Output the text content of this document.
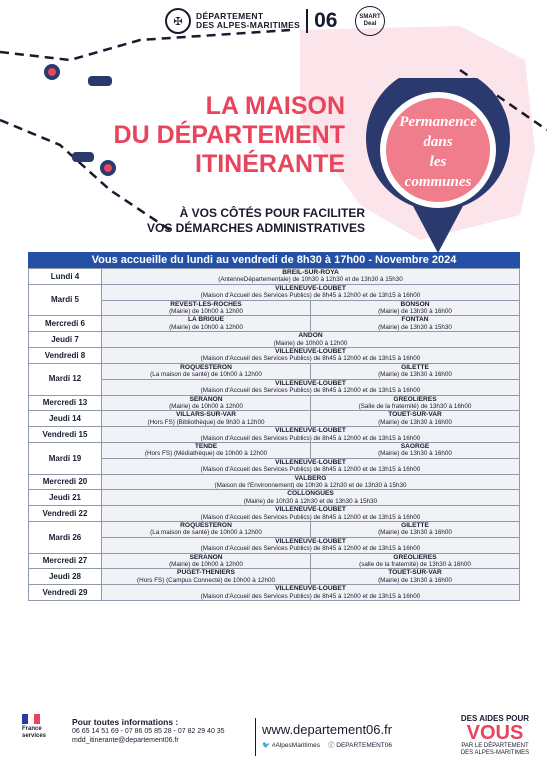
✠	DÉPARTEMENT
DES ALPES-MARITIMES 06	SMART
Deal
LA MAISON
DU DÉPARTEMENT
ITINÉRANTE
À VOS CÔTÉS POUR FACILITER
VOS DÉMARCHES ADMINISTRATIVES
Permanence
dans
les
communes
Vous accueille du lundi au vendredi de 8h30 à 17h00 - Novembre 2024
Lundi 4	BREIL-SUR-ROYA
(AntenneDépartementale) de 10h30 à 12h30 et de 13h30 à 15h30	
Mardi 5	VILLENEUVE-LOUBET
(Maison d'Accueil des Services Publics) de 8h45 à 12h00 et de 13h15 à 16h00	

	REVEST-LES-ROCHES
(Mairie) de 10h00 à 12h00	BONSON
(Mairie) de 13h30 à 16h00
Mercredi 6	LA BRIGUE
(Mairie) de 10h00 à 12h00	FONTAN
(Mairie) de 13h30 à 15h30
Jeudi 7	ANDON
(Mairie) de 10h00 à 12h00	
Vendredi 8	VILLENEUVE-LOUBET
(Maison d'Accueil des Services Publics) de 8h45 à 12h00 et de 13h15 à 16h00	
Mardi 12	ROQUESTERON
(La maison de santé) de 10h00 à 12h00	GILETTE
(Mairie) de 13h30 à 16h00

	VILLENEUVE-LOUBET
(Maison d'Accueil des Services Publics) de 8h45 à 12h00 et de 13h15 à 16h00	
Mercredi 13	SERANON
(Mairie) de 10h00 à 12h00	GREOLIERES
(Salle de la fraternité) de 13h30 à 16h00
Jeudi 14	VILLARS-SUR-VAR
(Hors FS) (Bibliothèque) de 9h30 à 12h00	TOUET-SUR-VAR
(Mairie) de 13h30 à 16h00
Vendredi 15	VILLENEUVE-LOUBET
(Maison d'Accueil des Services Publics) de 8h45 à 12h00 et de 13h15 à 16h00	
Mardi 19	TENDE
(Hors FS) (Médiathèque) de 10h00 à 12h00	SAORGE
(Mairie) de 13h30 à 16h00

	VILLENEUVE-LOUBET
(Maison d'Accueil des Services Publics) de 8h45 à 12h00 et de 13h15 à 16h00	
Mercredi 20	VALBERG
(Maison de l'Environnement) de 10h30 à 12h30 et de 13h30 à 15h30	
Jeudi 21	COLLONGUES
(Mairie) de 10h30 à 12h30 et de 13h30 à 15h30	
Vendredi 22	VILLENEUVE-LOUBET
(Maison d'Accueil des Services Publics) de 8h45 à 12h00 et de 13h15 à 16h00	
Mardi 26	ROQUESTERON
(La maison de santé) de 10h00 à 12h00	GILETTE
(Mairie) de 13h30 à 16h00

	VILLENEUVE-LOUBET
(Maison d'Accueil des Services Publics) de 8h45 à 12h00 et de 13h15 à 16h00	
Mercredi 27	SERANON
(Mairie) de 10h00 à 12h00	GREOLIERES
(salle de la fraternité) de 13h30 à 16h00
Jeudi 28	PUGET-THENIERS
(Hors FS) (Campus Connecté) de 10h00 à 12h00	TOUET-SUR-VAR
(Mairie) de 13h30 à 16h00
Vendredi 29	VILLENEUVE-LOUBET
(Maison d'Accueil des Services Publics) de 8h45 à 12h00 et de 13h15 à 16h00	
France
services
Pour toutes informations :
06 65 14 51 69 - 07 86 05 85 28 - 07 82 29 40 35
mdd_itinerante@departement06.fr
www.departement06.fr
🐦 #AlpesMaritimes ⓕ DEPARTEMENT06
DES AIDES POUR
VOUS
PAR LE DÉPARTEMENT
DES ALPES-MARITIMES
